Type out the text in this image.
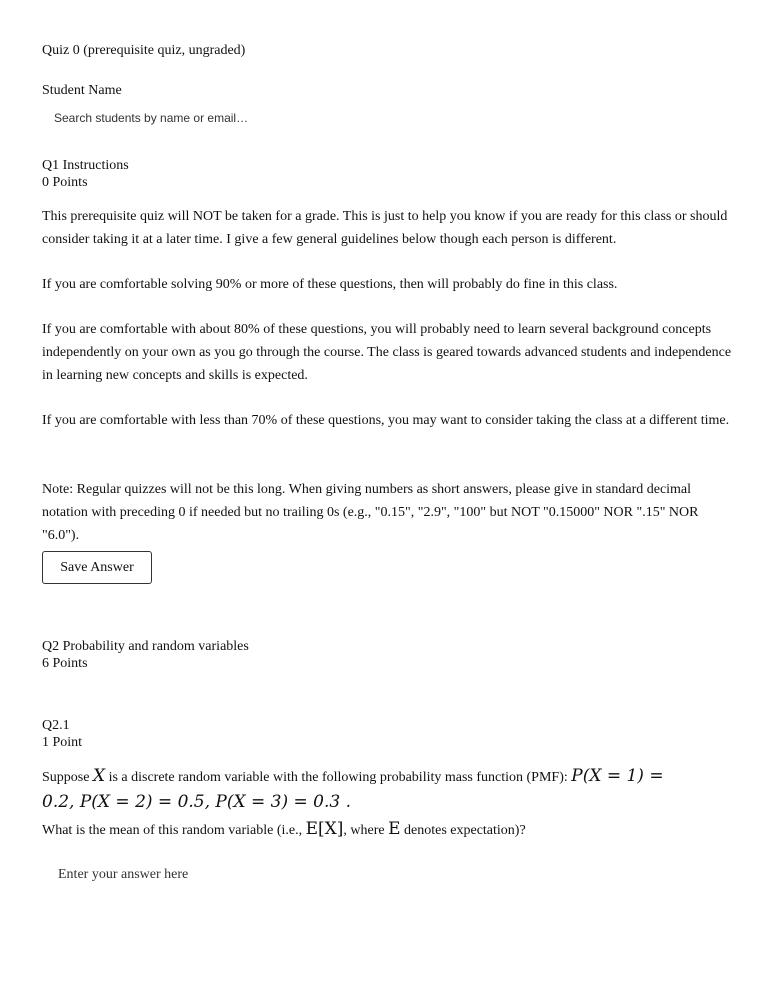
Quiz 0 (prerequisite quiz, ungraded)
Student Name
Search students by name or email…
Q1 Instructions
0 Points

This prerequisite quiz will NOT be taken for a grade. This is just to help you know if you are ready for this class or should consider taking it at a later time. I give a few general guidelines below though each person is different.

If you are comfortable solving 90% or more of these questions, then will probably do fine in this class.

If you are comfortable with about 80% of these questions, you will probably need to learn several background concepts independently on your own as you go through the course. The class is geared towards advanced students and independence in learning new concepts and skills is expected.

If you are comfortable with less than 70% of these questions, you may want to consider taking the class at a different time.

Note: Regular quizzes will not be this long. When giving numbers as short answers, please give in standard decimal notation with preceding 0 if needed but no trailing 0s (e.g., "0.15", "2.9", "100" but NOT "0.15000" NOR ".15" NOR "6.0").

Save Answer
Q2 Probability and random variables
6 Points
Q2.1
1 Point
Suppose X is a discrete random variable with the following probability mass function (PMF): P(X = 1) =
0.2, P(X = 2) = 0.5, P(X = 3) = 0.3 .
What is the mean of this random variable (i.e., E[X], where E denotes expectation)?
Enter your answer here
